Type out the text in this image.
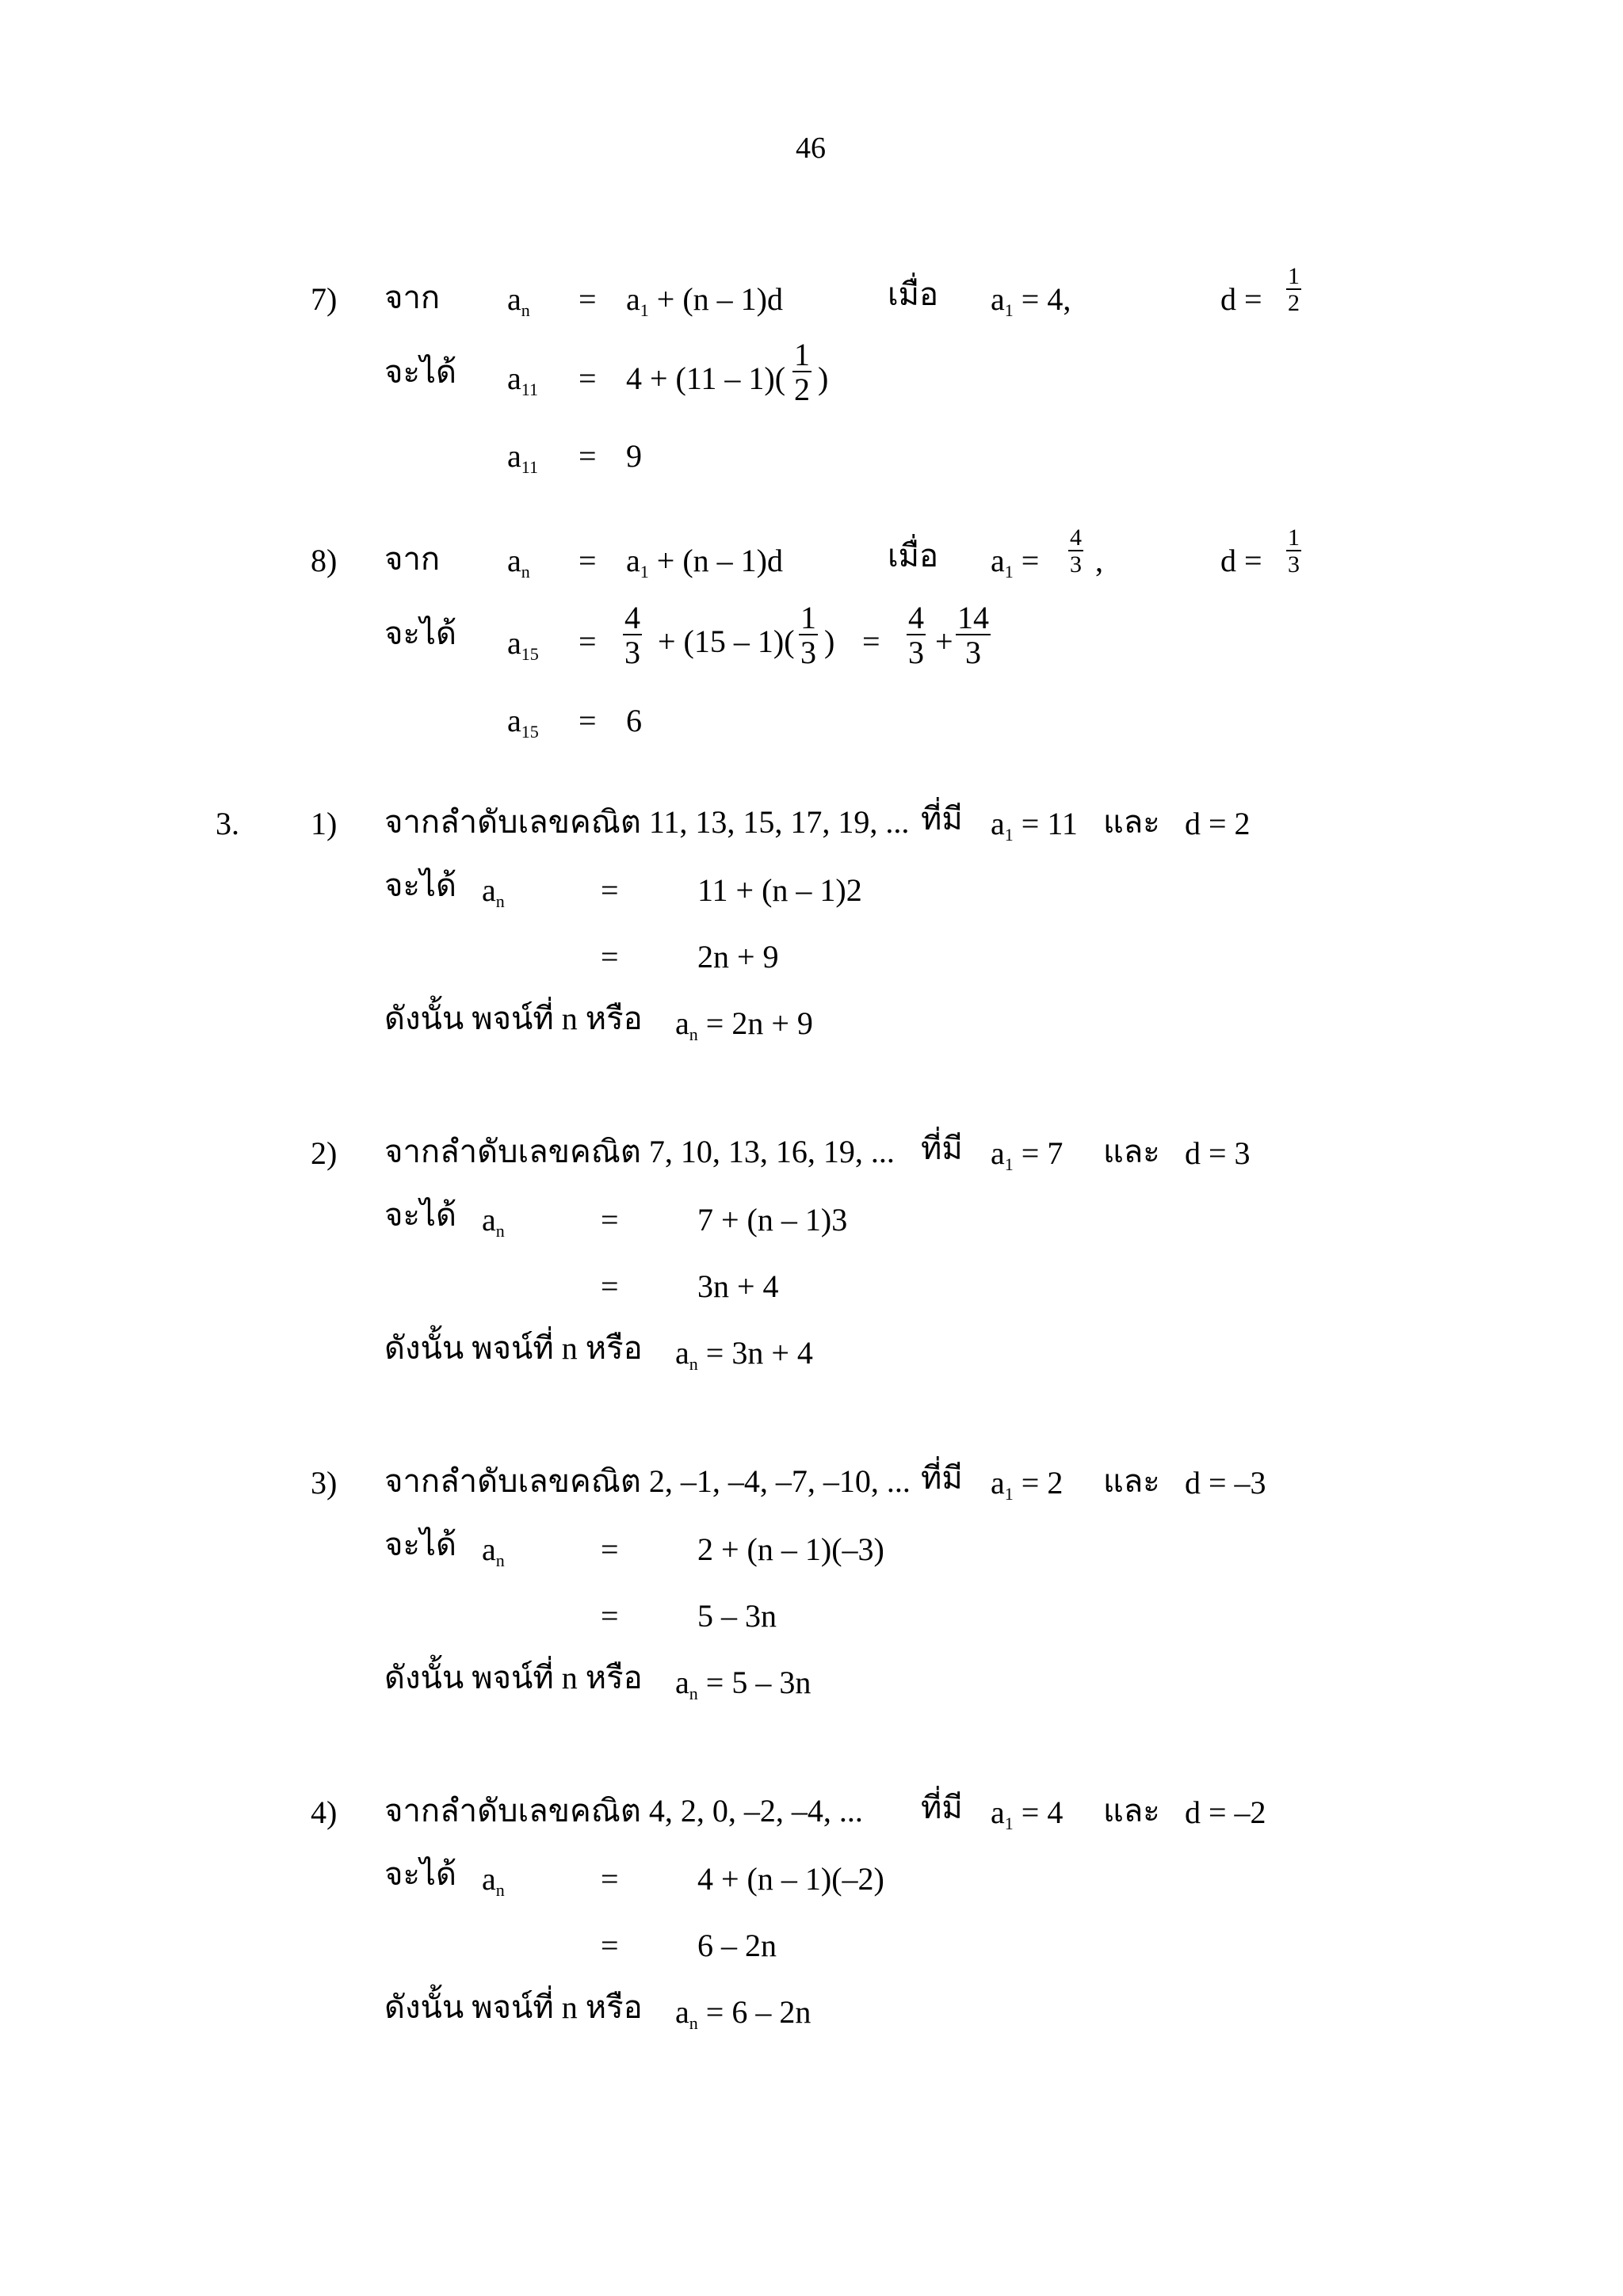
46
7) จาก $a_n = a_1 + (n - 1)d$	เมื่อ $a_1 = 4$,	$d = \frac{1}{2}$
จะได้ $a_{11} = 4 + (11 - 1)( \frac{1}{2}$ )
$a_{11} = 9$
8) จาก $a_n = a_1 + (n - 1)d$	เมื่อ $a_1 = \frac{4}{3}$ ,	$d = \frac{1}{3}$
จะได้ $a_{15} = \frac{4}{3} + (15 - 1)( \frac{1}{3}$ ) = $\frac{4}{3} + \frac{14}{3}$
$a_{15} = 6$
3. 1) จากลำดับเลขคณิต 11, 13, 15, 17, 19, ... ที่มี $a_1 = 11$ และ d = 2
จะได้ $a_n$	= 11 + (n – 1)2
= 2n + 9
ดังนั้น พจน์ที่ n หรือ $a_n = 2n + 9$
2) จากลำดับเลขคณิต 7, 10, 13, 16, 19, ... ที่มี $a_1 = 7$ และ d = 3
จะได้ $a_n$	= 7 + (n – 1)3
= 3n + 4
ดังนั้น พจน์ที่ n หรือ $a_n = 3n + 4$
3) จากลำดับเลขคณิต 2, –1, –4, –7, –10, ... ที่มี $a_1 = 2$ และ d = –3
จะได้ $a_n$	= 2 + (n – 1)(–3)
= 5 – 3n
ดังนั้น พจน์ที่ n หรือ $a_n = 5 - 3n$
4) จากลำดับเลขคณิต 4, 2, 0, –2, –4, ... ที่มี $a_1 = 4$ และ d = –2
จะได้ $a_n$	= 4 + (n – 1)(–2)
= 6 – 2n
ดังนั้น พจน์ที่ n หรือ $a_n = 6 - 2n$
